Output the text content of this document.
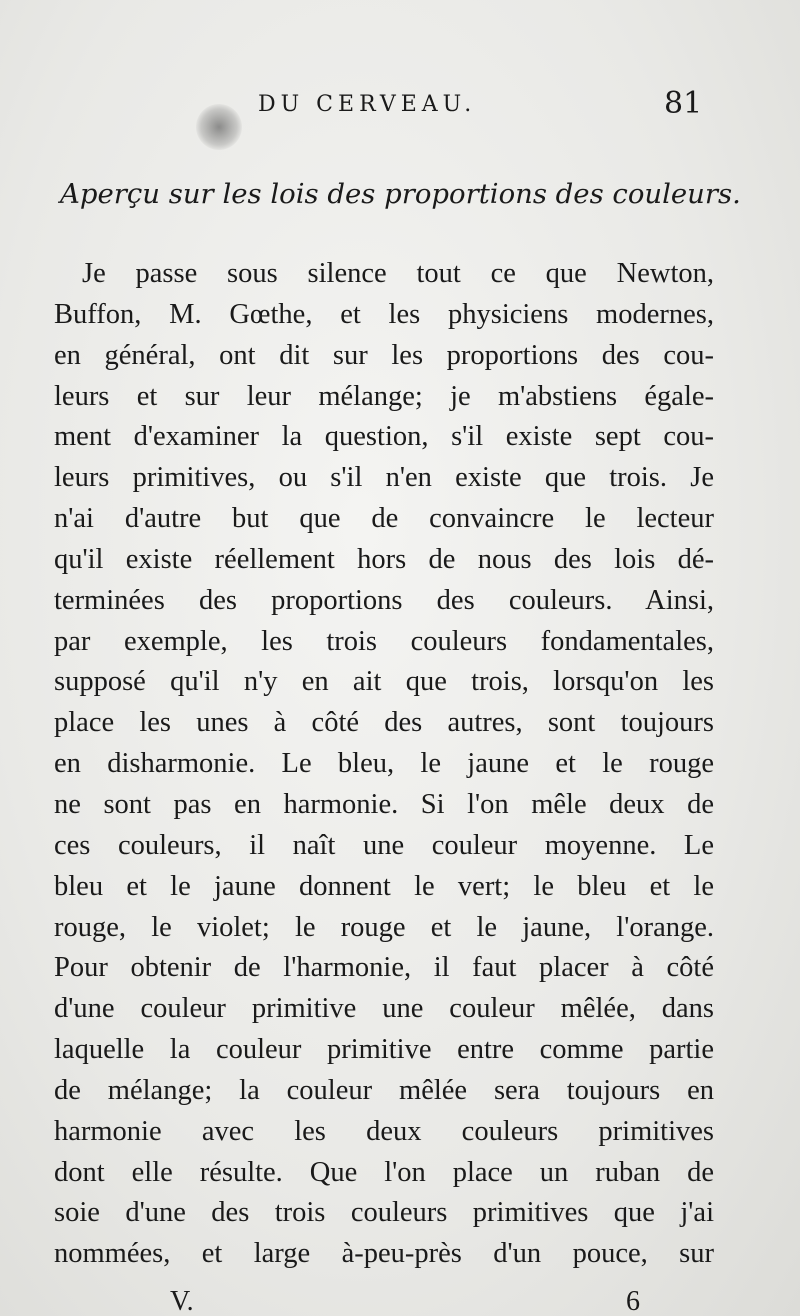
DU CERVEAU.	81
Aperçu sur les lois des proportions des couleurs.
Je passe sous silence tout ce que Newton,
Buffon, M. Gœthe, et les physiciens modernes,
en général, ont dit sur les proportions des cou-
leurs et sur leur mélange; je m'abstiens égale-
ment d'examiner la question, s'il existe sept cou-
leurs primitives, ou s'il n'en existe que trois. Je
n'ai d'autre but que de convaincre le lecteur
qu'il existe réellement hors de nous des lois dé-
terminées des proportions des couleurs. Ainsi,
par exemple, les trois couleurs fondamentales,
supposé qu'il n'y en ait que trois, lorsqu'on les
place les unes à côté des autres, sont toujours
en disharmonie. Le bleu, le jaune et le rouge
ne sont pas en harmonie. Si l'on mêle deux de
ces couleurs, il naît une couleur moyenne. Le
bleu et le jaune donnent le vert; le bleu et le
rouge, le violet; le rouge et le jaune, l'orange.
Pour obtenir de l'harmonie, il faut placer à côté
d'une couleur primitive une couleur mêlée, dans
laquelle la couleur primitive entre comme partie
de mélange; la couleur mêlée sera toujours en
harmonie avec les deux couleurs primitives
dont elle résulte. Que l'on place un ruban de
soie d'une des trois couleurs primitives que j'ai
nommées, et large à-peu-près d'un pouce, sur
V.	6
